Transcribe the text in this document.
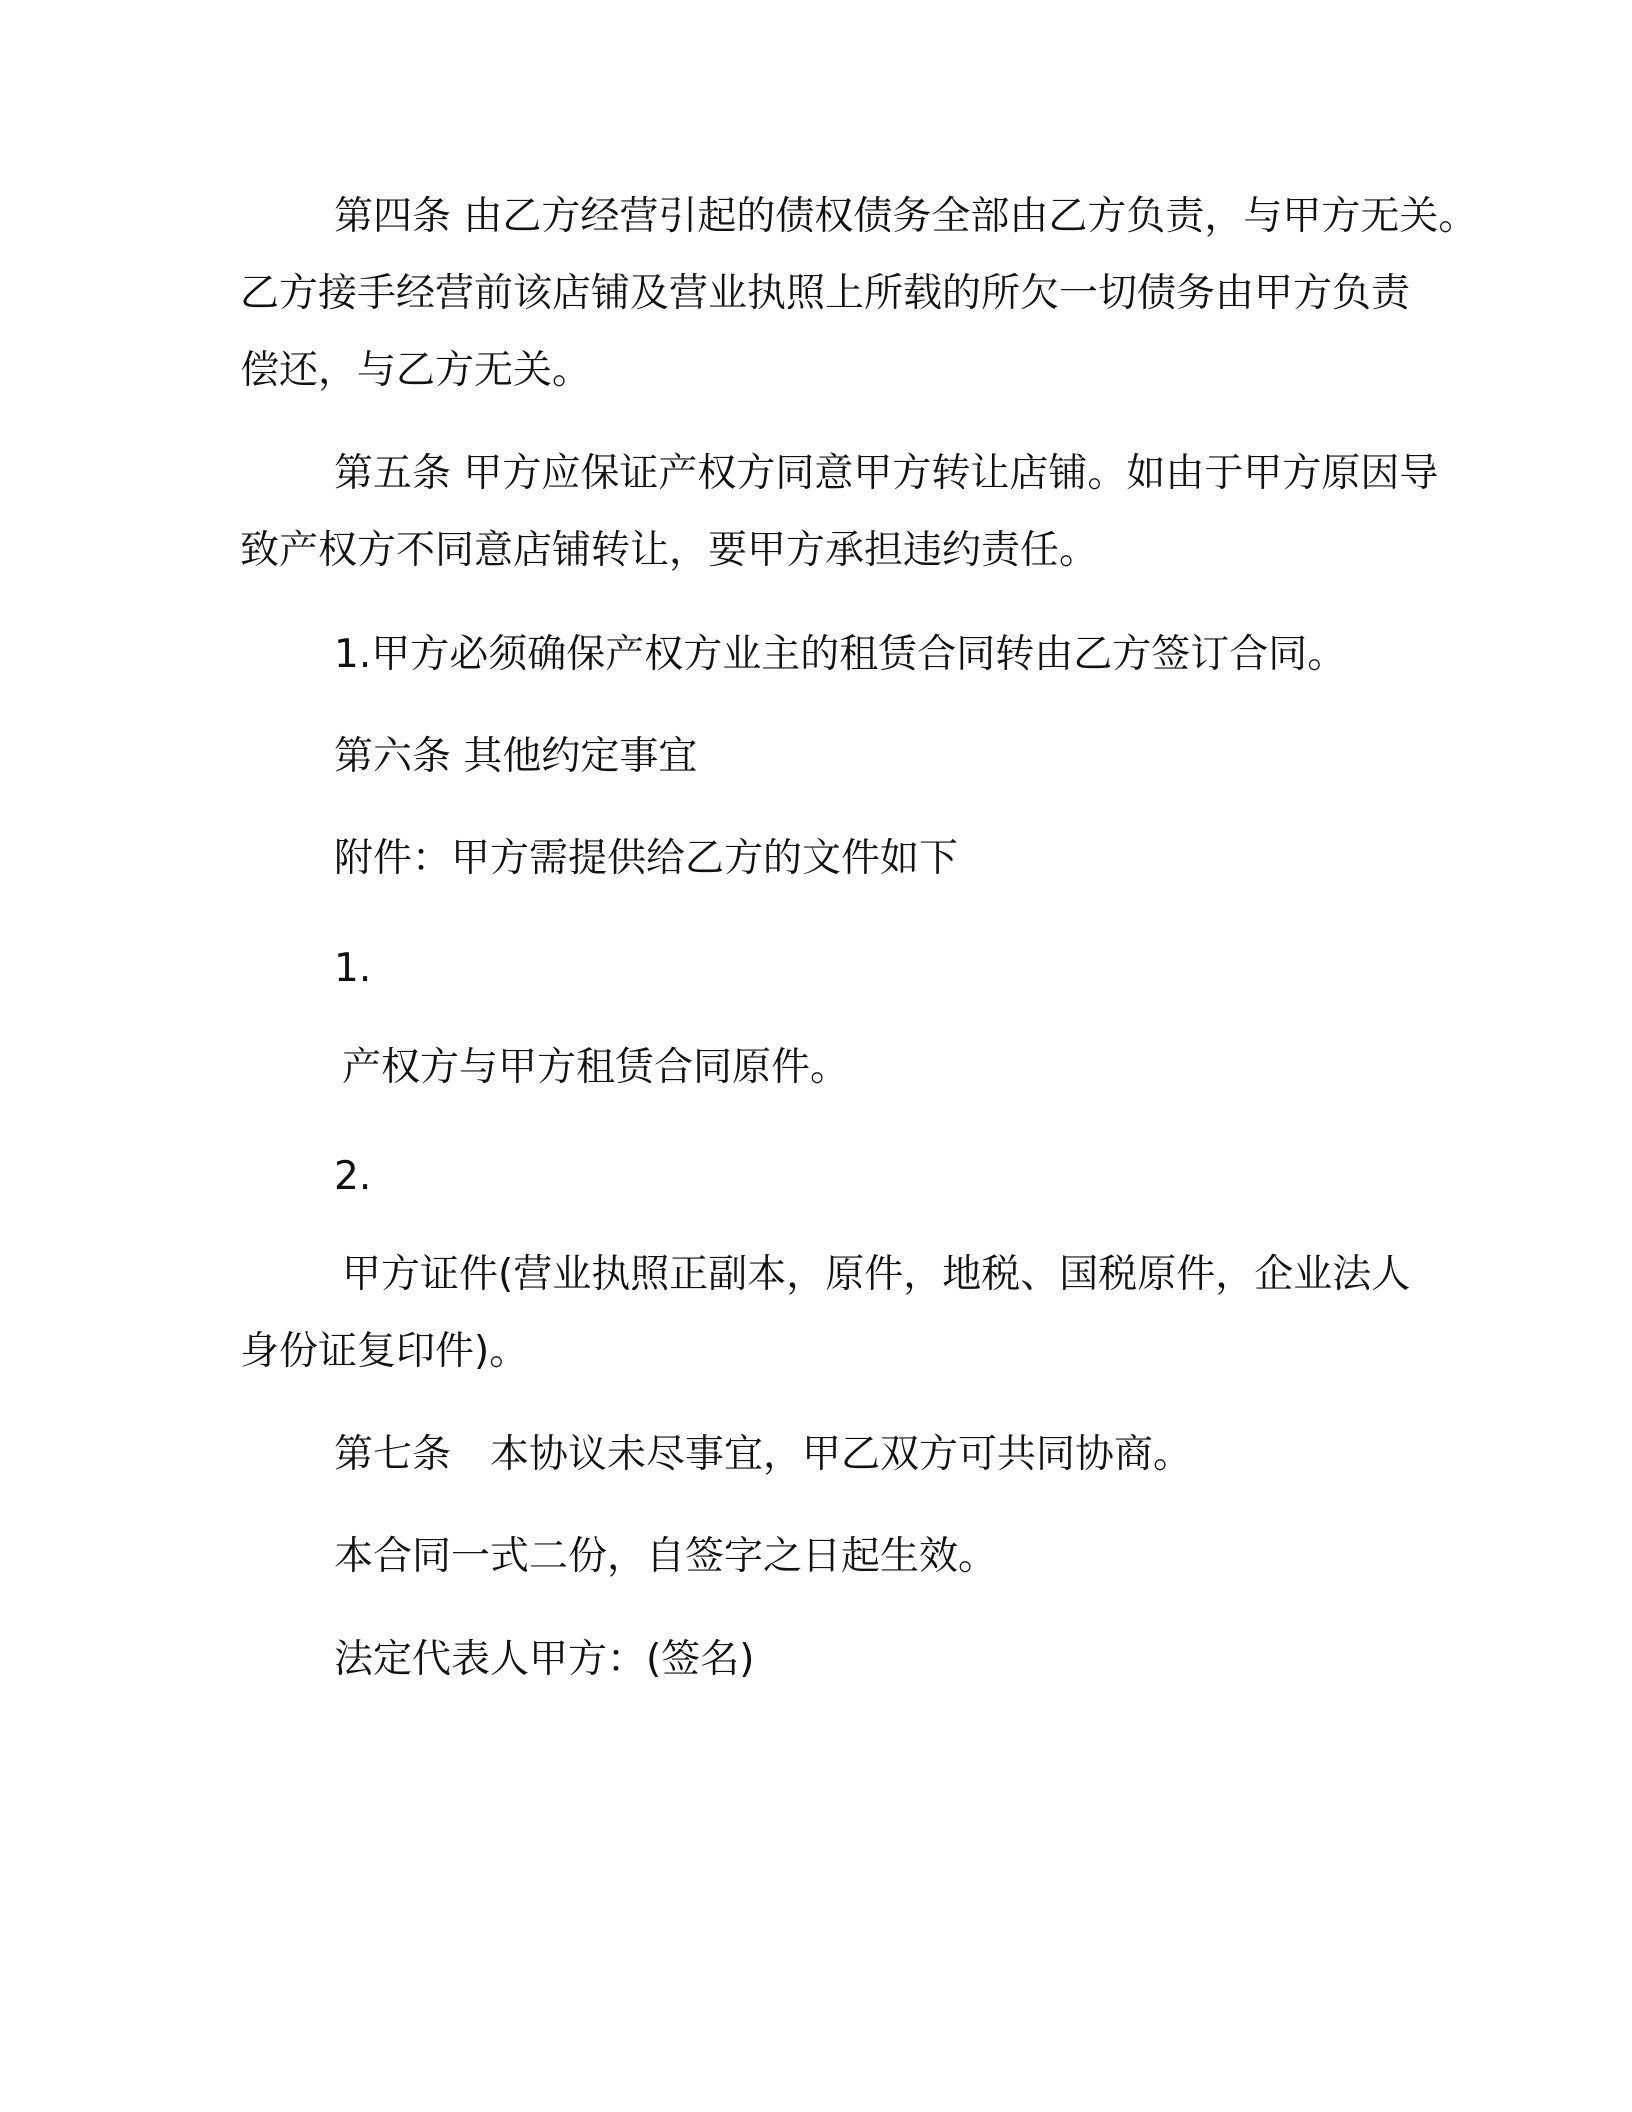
第四条 由乙方经营引起的债权债务全部由乙方负责，与甲方无关。
乙方接手经营前该店铺及营业执照上所载的所欠一切债务由甲方负责
偿还，与乙方无关。
第五条 甲方应保证产权方同意甲方转让店铺。如由于甲方原因导
致产权方不同意店铺转让，要甲方承担违约责任。
1.甲方必须确保产权方业主的租赁合同转由乙方签订合同。
第六条 其他约定事宜
附件：甲方需提供给乙方的文件如下
1.
产权方与甲方租赁合同原件。
2.
甲方证件(营业执照正副本，原件，地税、国税原件，企业法人
身份证复印件)。
第七条　本协议未尽事宜，甲乙双方可共同协商。
本合同一式二份，自签字之日起生效。
法定代表人甲方：(签名)
